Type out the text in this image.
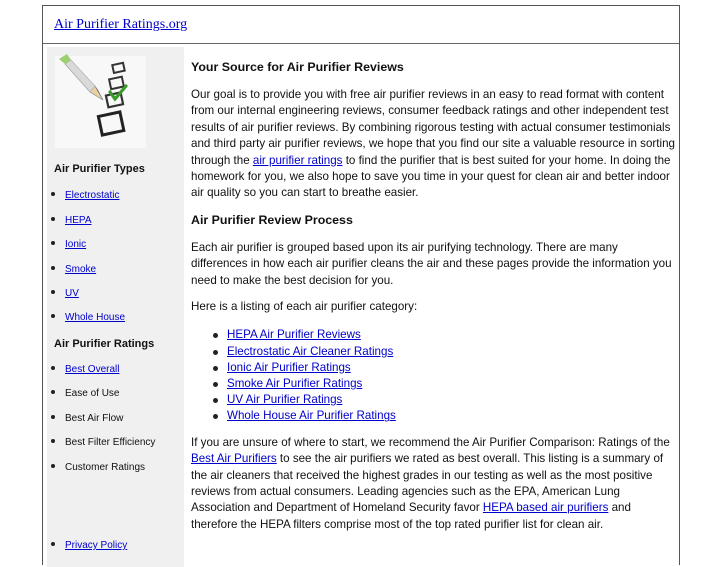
Air Purifier Ratings.org
Air Purifier Types
Electrostatic
HEPA
Ionic
Smoke
UV
Whole House
Air Purifier Ratings
Best Overall
Ease of Use
Best Air Flow
Best Filter Efficiency
Customer Ratings
Privacy Policy
Your Source for Air Purifier Reviews

Our goal is to provide you with free air purifier reviews in an easy to read format with content from our internal engineering reviews, consumer feedback ratings and other independent test results of air purifier reviews. By combining rigorous testing with actual consumer testimonials and third party air purifier reviews, we hope that you find our site a valuable resource in sorting through the air purifier ratings to find the purifier that is best suited for your home. In doing the homework for you, we also hope to save you time in your quest for clean air and better indoor air quality so you can start to breathe easier.

Air Purifier Review Process

Each air purifier is grouped based upon its air purifying technology. There are many differences in how each air purifier cleans the air and these pages provide the information you need to make the best decision for you.

Here is a listing of each air purifier category:

HEPA Air Purifier Reviews
Electrostatic Air Cleaner Ratings
Ionic Air Purifier Ratings
Smoke Air Purifier Ratings
UV Air Purifier Ratings
Whole House Air Purifier Ratings

If you are unsure of where to start, we recommend the Air Purifier Comparison: Ratings of the Best Air Purifiers to see the air purifiers we rated as best overall. This listing is a summary of the air cleaners that received the highest grades in our testing as well as the most positive reviews from actual consumers. Leading agencies such as the EPA, American Lung Association and Department of Homeland Security favor HEPA based air purifiers and therefore the HEPA filters comprise most of the top rated purifier list for clean air.
